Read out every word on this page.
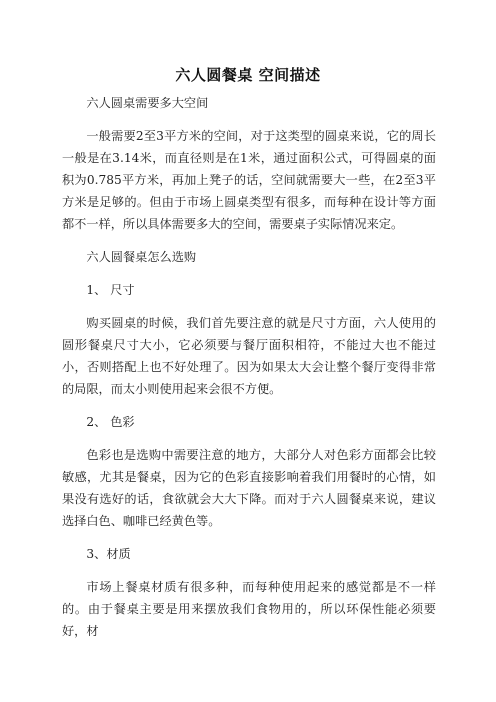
六人圆餐桌 空间描述

六人圆桌需要多大空间

一般需要2至3平方米的空间，对于这类型的圆桌来说，它的周长一般是在3.14米，而直径则是在1米，通过面积公式，可得圆桌的面积为0.785平方米，再加上凳子的话，空间就需要大一些，在2至3平方米是足够的。但由于市场上圆桌类型有很多，而每种在设计等方面都不一样，所以具体需要多大的空间，需要桌子实际情况来定。

六人圆餐桌怎么选购

1、 尺寸

购买圆桌的时候，我们首先要注意的就是尺寸方面，六人使用的圆形餐桌尺寸大小，它必须要与餐厅面积相符，不能过大也不能过小，否则搭配上也不好处理了。因为如果太大会让整个餐厅变得非常的局限，而太小则使用起来会很不方便。

2、 色彩

色彩也是选购中需要注意的地方，大部分人对色彩方面都会比较敏感，尤其是餐桌，因为它的色彩直接影响着我们用餐时的心情，如果没有选好的话，食欲就会大大下降。而对于六人圆餐桌来说，建议选择白色、咖啡已经黄色等。

3、材质

市场上餐桌材质有很多种，而每种使用起来的感觉都是不一样的。由于餐桌主要是用来摆放我们食物用的，所以环保性能必须要好，材
